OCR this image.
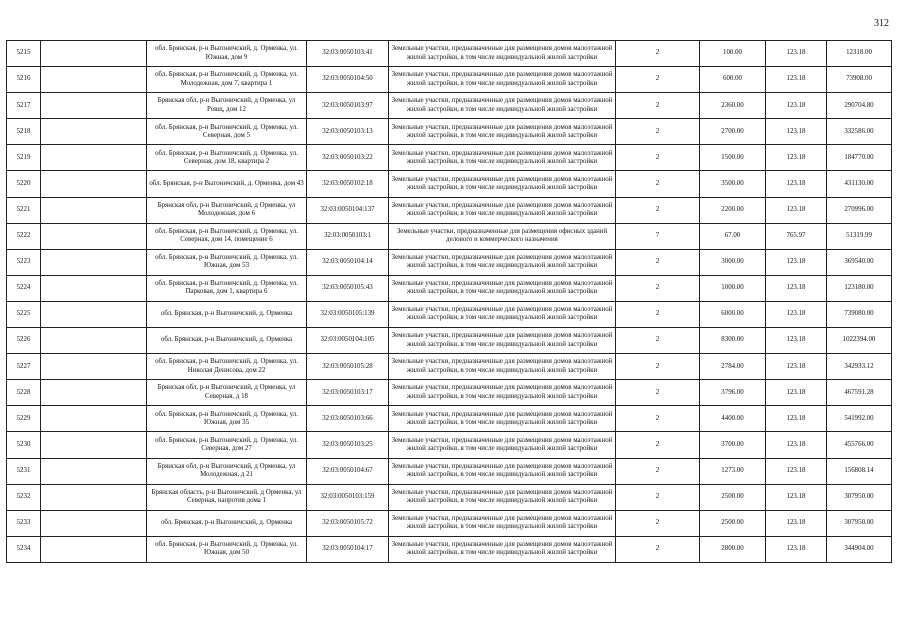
312
5215		обл. Брянская, р-н Выгоничский, д. Орменка, ул. Южная, дом 9	32:03:0050103:41	Земельные участки, предназначенные для размещения домов малоэтажной жилой застройки, в том числе индивидуальной жилой застройки	2	100.00	123.18	12318.00
5216		обл. Брянская, р-н Выгоничский, д. Орменка, ул. Молодежная, дом 7, квартира 1	32:03:0050104:50	Земельные участки, предназначенные для размещения домов малоэтажной жилой застройки, в том числе индивидуальной жилой застройки	2	600.00	123.18	73908.00
5217		Брянская обл, р-н Выгоничский, д Орменка, ул Ровщ, дом 12	32:03:0050103:97	Земельные участки, предназначенные для размещения домов малоэтажной жилой застройки, в том числе индивидуальной жилой застройки	2	2360.00	123.18	290704.80
5218		обл. Брянская, р-н Выгоничский, д. Орменка, ул. Северная, дом 5	32:03:0050103:13	Земельные участки, предназначенные для размещения домов малоэтажной жилой застройки, в том числе индивидуальной жилой застройки	2	2700.00	123.18	332586.00
5219		обл. Брянская, р-н Выгоничский, д. Орменка, ул. Северная, дом 18, квартира 2	32:03:0050103:22	Земельные участки, предназначенные для размещения домов малоэтажной жилой застройки, в том числе индивидуальной жилой застройки	2	1500.00	123.18	184770.00
5220		обл. Брянская, р-н Выгоничский, д. Орменка, дом 43	32:03:0050102:18	Земельные участки, предназначенные для размещения домов малоэтажной жилой застройки, в том числе индивидуальной жилой застройки	2	3500.00	123.18	431130.00
5221		Брянская обл, р-н Выгоничский, д Орменка, ул Молодежная, дом 6	32:03:0050104:137	Земельные участки, предназначенные для размещения домов малоэтажной жилой застройки, в том числе индивидуальной жилой застройки	2	2200.00	123.18	270996.00
5222		обл. Брянская, р-н Выгоничский, д. Орменка, ул. Северная, дом 14, помещение 6	32:03:0050103:1	Земельные участки, предназначенные для размещения офисных зданий делового и коммерческого назначения	7	67.00	765.97	51319.99
5223		обл. Брянская, р-н Выгоничский, д. Орменка, ул. Южная, дом 53	32:03:0050104:14	Земельные участки, предназначенные для размещения домов малоэтажной жилой застройки, в том числе индивидуальной жилой застройки	2	3000.00	123.18	369540.00
5224		обл. Брянская, р-н Выгоничский, д. Орменка, ул. Парковая, дом 1, квартира 6	32:03:0050105:43	Земельные участки, предназначенные для размещения домов малоэтажной жилой застройки, в том числе индивидуальной жилой застройки	2	1000.00	123.18	123180.00
5225		обл. Брянская, р-н Выгоничский, д. Орменка	32:03:0050105:139	Земельные участки, предназначенные для размещения домов малоэтажной жилой застройки, в том числе индивидуальной жилой застройки	2	6000.00	123.18	739080.00
5226		обл. Брянская, р-н Выгоничский, д. Орменка	32:03:0050104:105	Земельные участки, предназначенные для размещения домов малоэтажной жилой застройки, в том числе индивидуальной жилой застройки	2	8300.00	123.18	1022394.00
5227		обл. Брянская, р-н Выгоничский, д. Орменка, ул. Николая Денисова, дом 22	32:03:0050105:28	Земельные участки, предназначенные для размещения домов малоэтажной жилой застройки, в том числе индивидуальной жилой застройки	2	2784.00	123.18	342933.12
5228		Брянская обл, р-н Выгоничский, д Орменка, ул Северная, д 18	32:03:0050103:17	Земельные участки, предназначенные для размещения домов малоэтажной жилой застройки, в том числе индивидуальной жилой застройки	2	3796.00	123.18	467591.28
5229		обл. Брянская, р-н Выгоничский, д. Орменка, ул. Южная, дом 35	32:03:0050103:66	Земельные участки, предназначенные для размещения домов малоэтажной жилой застройки, в том числе индивидуальной жилой застройки	2	4400.00	123.18	541992.00
5230		обл. Брянская, р-н Выгоничский, д. Орменка, ул. Северная, дом 27	32:03:0050103:25	Земельные участки, предназначенные для размещения домов малоэтажной жилой застройки, в том числе индивидуальной жилой застройки	2	3700.00	123.18	455766.00
5231		Брянская обл, р-н Выгоничский, д Орменка, ул Молодежная, д 21	32:03:0050104:67	Земельные участки, предназначенные для размещения домов малоэтажной жилой застройки, в том числе индивидуальной жилой застройки	2	1273.00	123.18	156808.14
5232		Брянская область, р-н Выгоничский, д Орменка, ул Северная, напротив дома 1	32:03:0050103:159	Земельные участки, предназначенные для размещения домов малоэтажной жилой застройки, в том числе индивидуальной жилой застройки	2	2500.00	123.18	307950.00
5233		обл. Брянская, р-н Выгоничский, д. Орменка	32:03:0050105:72	Земельные участки, предназначенные для размещения домов малоэтажной жилой застройки, в том числе индивидуальной жилой застройки	2	2500.00	123.18	307950.00
5234		обл. Брянская, р-н Выгоничский, д. Орменка, ул. Южная, дом 50	32:03:0050104:17	Земельные участки, предназначенные для размещения домов малоэтажной жилой застройки, в том числе индивидуальной жилой застройки	2	2800.00	123.18	344904.00
